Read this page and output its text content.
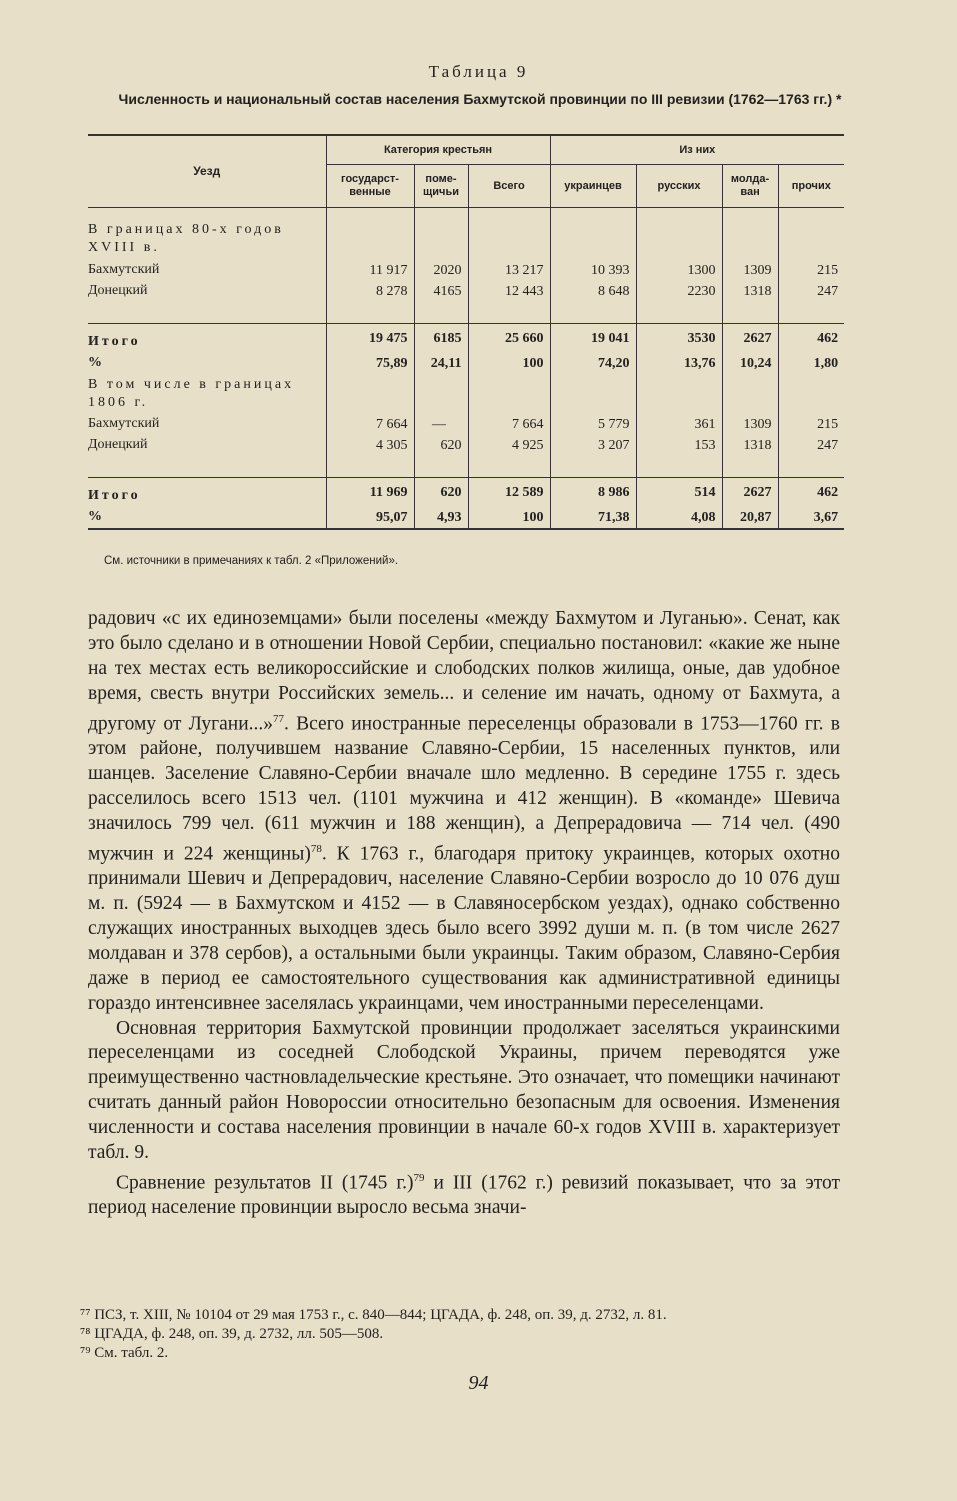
Таблица 9
Численность и национальный состав населения Бахмутской провинции по III ревизии (1762—1763 гг.) *
Уезд	Категория крестьян			Из них			
	государст-венные	поме-щичьи	Всего	украинцев	русских	молда-ван	прочих
В границах 80-х годов XVIII в.							
Бахмутский	11 917	2020	13 217	10 393	1300	1309	215
Донецкий	8 278	4165	12 443	8 648	2230	1318	247

Итого	19 475	6185	25 660	19 041	3530	2627	462
%	75,89	24,11	100	74,20	13,76	10,24	1,80
В том числе в границах 1806 г.							
Бахмутский	7 664	—	7 664	5 779	361	1309	215
Донецкий	4 305	620	4 925	3 207	153	1318	247

Итого	11 969	620	12 589	8 986	514	2627	462
%	95,07	4,93	100	71,38	4,08	20,87	3,67
См. источники в примечаниях к табл. 2 «Приложений».

радович «с их единоземцами» были поселены «между Бахмутом и Луганью». Сенат, как это было сделано и в отношении Новой Сербии, специально постановил: «какие же ныне на тех местах есть великороссийские и слободских полков жилища, оные, дав удобное время, свесть внутри Российских земель... и селение им начать, одному от Бахмута, а другому от Лугани...»$^{77}$. Всего иностранные переселенцы образовали в 1753—1760 гг. в этом районе, получившем название Славяно-Сербии, 15 населенных пунктов, или шанцев. Заселение Славяно-Сербии вначале шло медленно. В середине 1755 г. здесь расселилось всего 1513 чел. (1101 мужчина и 412 женщин). В «команде» Шевича значилось 799 чел. (611 мужчин и 188 женщин), а Депрерадовича — 714 чел. (490 мужчин и 224 женщины)$^{78}$. К 1763 г., благодаря притоку украинцев, которых охотно принимали Шевич и Депрерадович, население Славяно-Сербии возросло до 10 076 душ м. п. (5924 — в Бахмутском и 4152 — в Славяносербском уездах), однако собственно служащих иностранных выходцев здесь было всего 3992 души м. п. (в том числе 2627 молдаван и 378 сербов), а остальными были украинцы. Таким образом, Славяно-Сербия даже в период ее самостоятельного существования как административной единицы гораздо интенсивнее заселялась украинцами, чем иностранными переселенцами.

Основная территория Бахмутской провинции продолжает заселяться украинскими переселенцами из соседней Слободской Украины, причем переводятся уже преимущественно частновладельческие крестьяне. Это означает, что помещики начинают считать данный район Новороссии относительно безопасным для освоения. Изменения численности и состава населения провинции в начале 60-х годов XVIII в. характеризует табл. 9.

Сравнение результатов II (1745 г.)$^{79}$ и III (1762 г.) ревизий показывает, что за этот период население провинции выросло весьма значи-

⁷⁷ ПСЗ, т. XIII, № 10104 от 29 мая 1753 г., с. 840—844; ЦГАДА, ф. 248, оп. 39, д. 2732, л. 81.
⁷⁸ ЦГАДА, ф. 248, оп. 39, д. 2732, лл. 505—508.
⁷⁹ См. табл. 2.
94
